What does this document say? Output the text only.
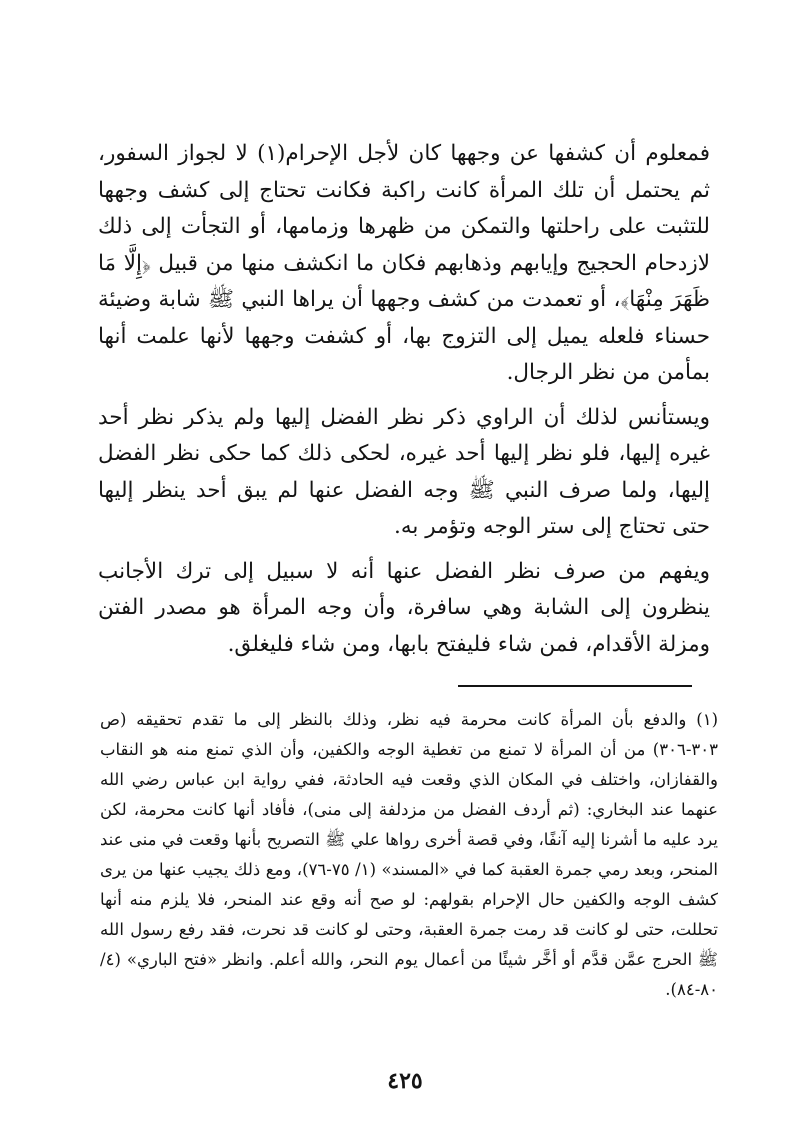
فمعلوم أن كشفها عن وجهها كان لأجل الإحرام(١) لا لجواز السفور، ثم يحتمل أن تلك المرأة كانت راكبة فكانت تحتاج إلى كشف وجهها للتثبت على راحلتها والتمكن من ظهرها وزمامها، أو التجأت إلى ذلك لازدحام الحجيج وإيابهم وذهابهم فكان ما انكشف منها من قبيل ﴿إِلَّا مَا ظَهَرَ مِنْهَا﴾، أو تعمدت من كشف وجهها أن يراها النبي ﷺ شابة وضيئة حسناء فلعله يميل إلى التزوج بها، أو كشفت وجهها لأنها علمت أنها بمأمن من نظر الرجال.

ويستأنس لذلك أن الراوي ذكر نظر الفضل إليها ولم يذكر نظر أحد غيره إليها، فلو نظر إليها أحد غيره، لحكى ذلك كما حكى نظر الفضل إليها، ولما صرف النبي ﷺ وجه الفضل عنها لم يبق أحد ينظر إليها حتى تحتاج إلى ستر الوجه وتؤمر به.

ويفهم من صرف نظر الفضل عنها أنه لا سبيل إلى ترك الأجانب ينظرون إلى الشابة وهي سافرة، وأن وجه المرأة هو مصدر الفتن ومزلة الأقدام، فمن شاء فليفتح بابها، ومن شاء فليغلق.

(١) والدفع بأن المرأة كانت محرمة فيه نظر، وذلك بالنظر إلى ما تقدم تحقيقه (ص ٣٠٣-٣٠٦) من أن المرأة لا تمنع من تغطية الوجه والكفين، وأن الذي تمنع منه هو النقاب والقفازان، واختلف في المكان الذي وقعت فيه الحادثة، ففي رواية ابن عباس رضي الله عنهما عند البخاري: (ثم أردف الفضل من مزدلفة إلى منى)، فأفاد أنها كانت محرمة، لكن يرد عليه ما أشرنا إليه آنفًا، وفي قصة أخرى رواها علي ﷺ التصريح بأنها وقعت في منى عند المنحر، وبعد رمي جمرة العقبة كما في «المسند» (١/ ٧٥-٧٦)، ومع ذلك يجيب عنها من يرى كشف الوجه والكفين حال الإحرام بقولهم: لو صح أنه وقع عند المنحر، فلا يلزم منه أنها تحللت، حتى لو كانت قد رمت جمرة العقبة، وحتى لو كانت قد نحرت، فقد رفع رسول الله ﷺ الحرج عمَّن قدَّم أو أخَّر شيئًا من أعمال يوم النحر، والله أعلم. وانظر «فتح الباري» (٤/ ٨٠-٨٤).

٤٢٥
